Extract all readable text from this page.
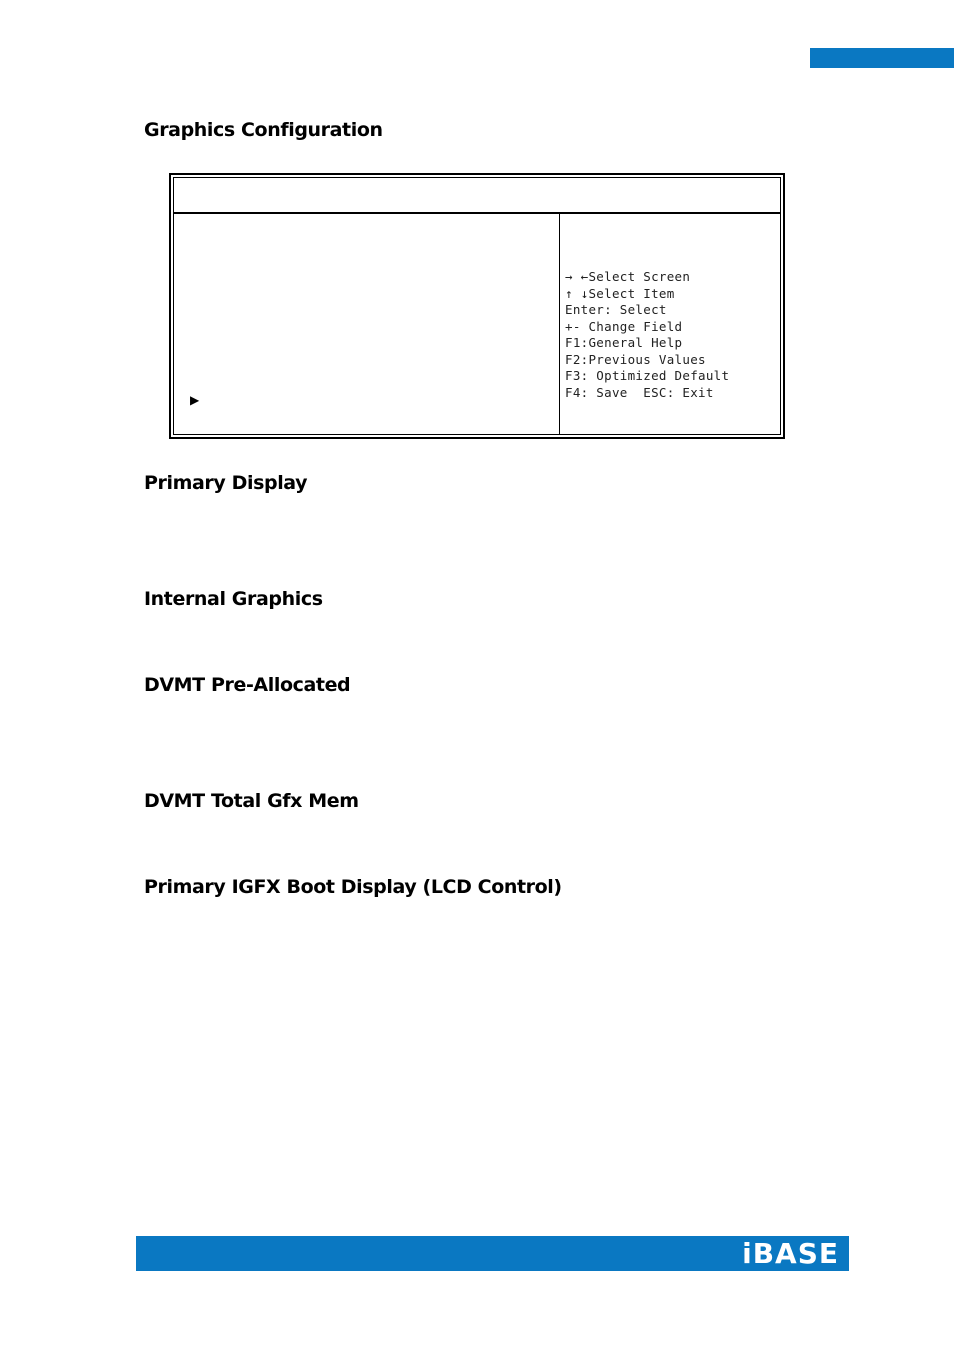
Graphics Configuration
▶
→ ←Select Screen
↑ ↓Select Item
Enter: Select
+- Change Field
F1:General Help
F2:Previous Values
F3: Optimized Default
F4: Save  ESC: Exit
Primary Display
Internal Graphics
DVMT Pre-Allocated
DVMT Total Gfx Mem
Primary IGFX Boot Display (LCD Control)
iBASE
